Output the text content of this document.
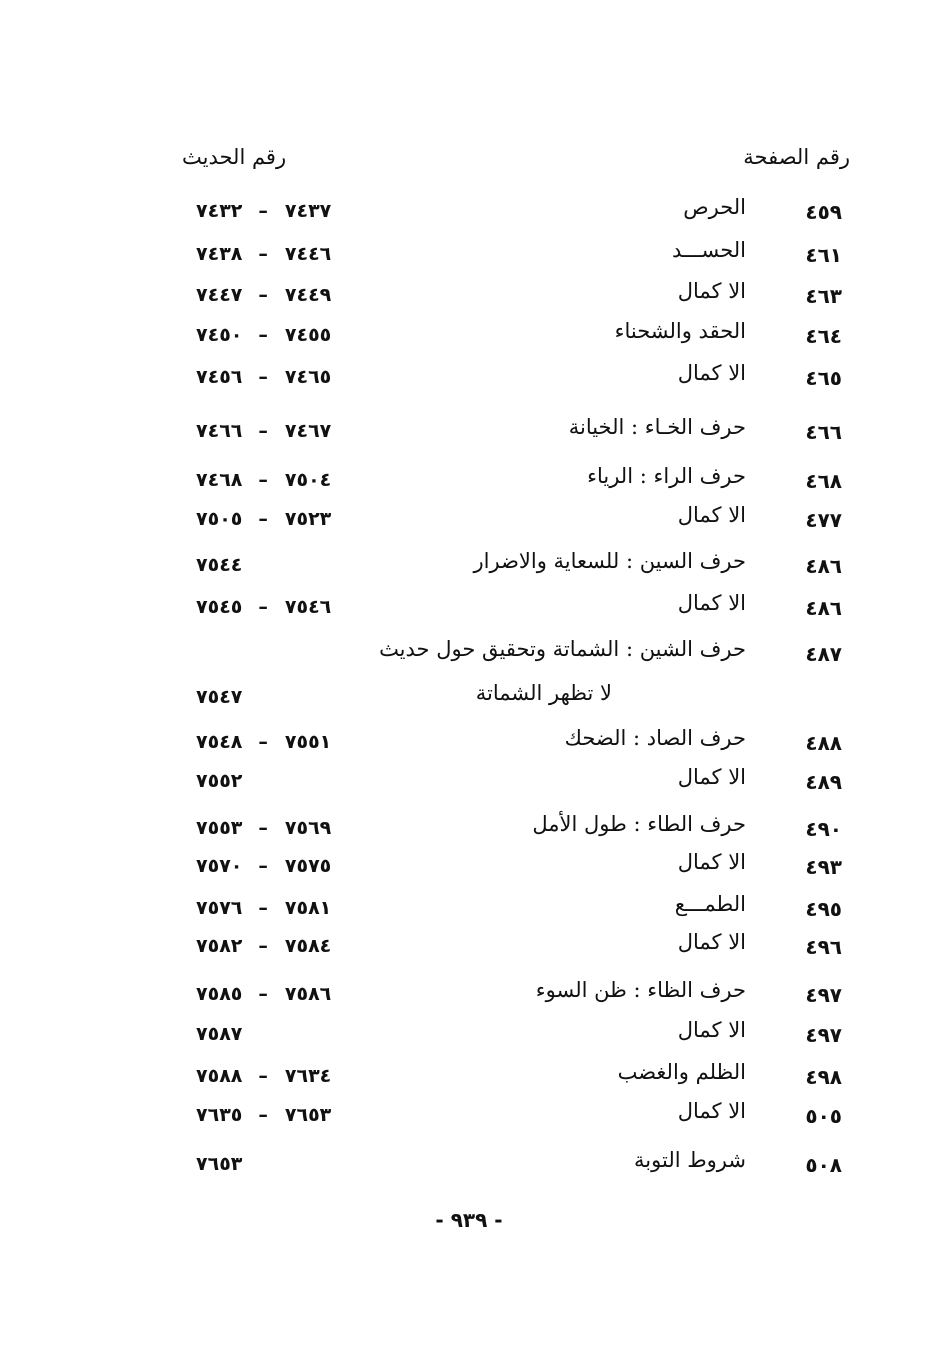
رقم الصفحة
رقم الحديث
٤٥٩
الحرص
٧٤٣٧–٧٤٣٢
٤٦١
الحســـد
٧٤٤٦–٧٤٣٨
٤٦٣
الا كمال
٧٤٤٩–٧٤٤٧
٤٦٤
الحقد والشحناء
٧٤٥٥–٧٤٥٠
٤٦٥
الا كمال
٧٤٦٥–٧٤٥٦
٤٦٦
حرف الخـاء : الخيانة
٧٤٦٧–٧٤٦٦
٤٦٨
حرف الراء : الرياء
٧٥٠٤–٧٤٦٨
٤٧٧
الا كمال
٧٥٢٣–٧٥٠٥
٤٨٦
حرف السين : للسعاية والاضرار
٧٥٤٤
٤٨٦
الا كمال
٧٥٤٦–٧٥٤٥
٤٨٧
حرف الشين : الشماتة وتحقيق حول حديث
لا تظهر الشماتة
٧٥٤٧
٤٨٨
حرف الصاد : الضحك
٧٥٥١–٧٥٤٨
٤٨٩
الا كمال
٧٥٥٢
٤٩٠
حرف الطاء : طول الأمل
٧٥٦٩–٧٥٥٣
٤٩٣
الا كمال
٧٥٧٥–٧٥٧٠
٤٩٥
الطمـــع
٧٥٨١–٧٥٧٦
٤٩٦
الا كمال
٧٥٨٤–٧٥٨٢
٤٩٧
حرف الظاء : ظن السوء
٧٥٨٦–٧٥٨٥
٤٩٧
الا كمال
٧٥٨٧
٤٩٨
الظلم والغضب
٧٦٣٤–٧٥٨٨
٥٠٥
الا كمال
٧٦٥٣–٧٦٣٥
٥٠٨
شروط التوبة
٧٦٥٣
- ٩٣٩ -
